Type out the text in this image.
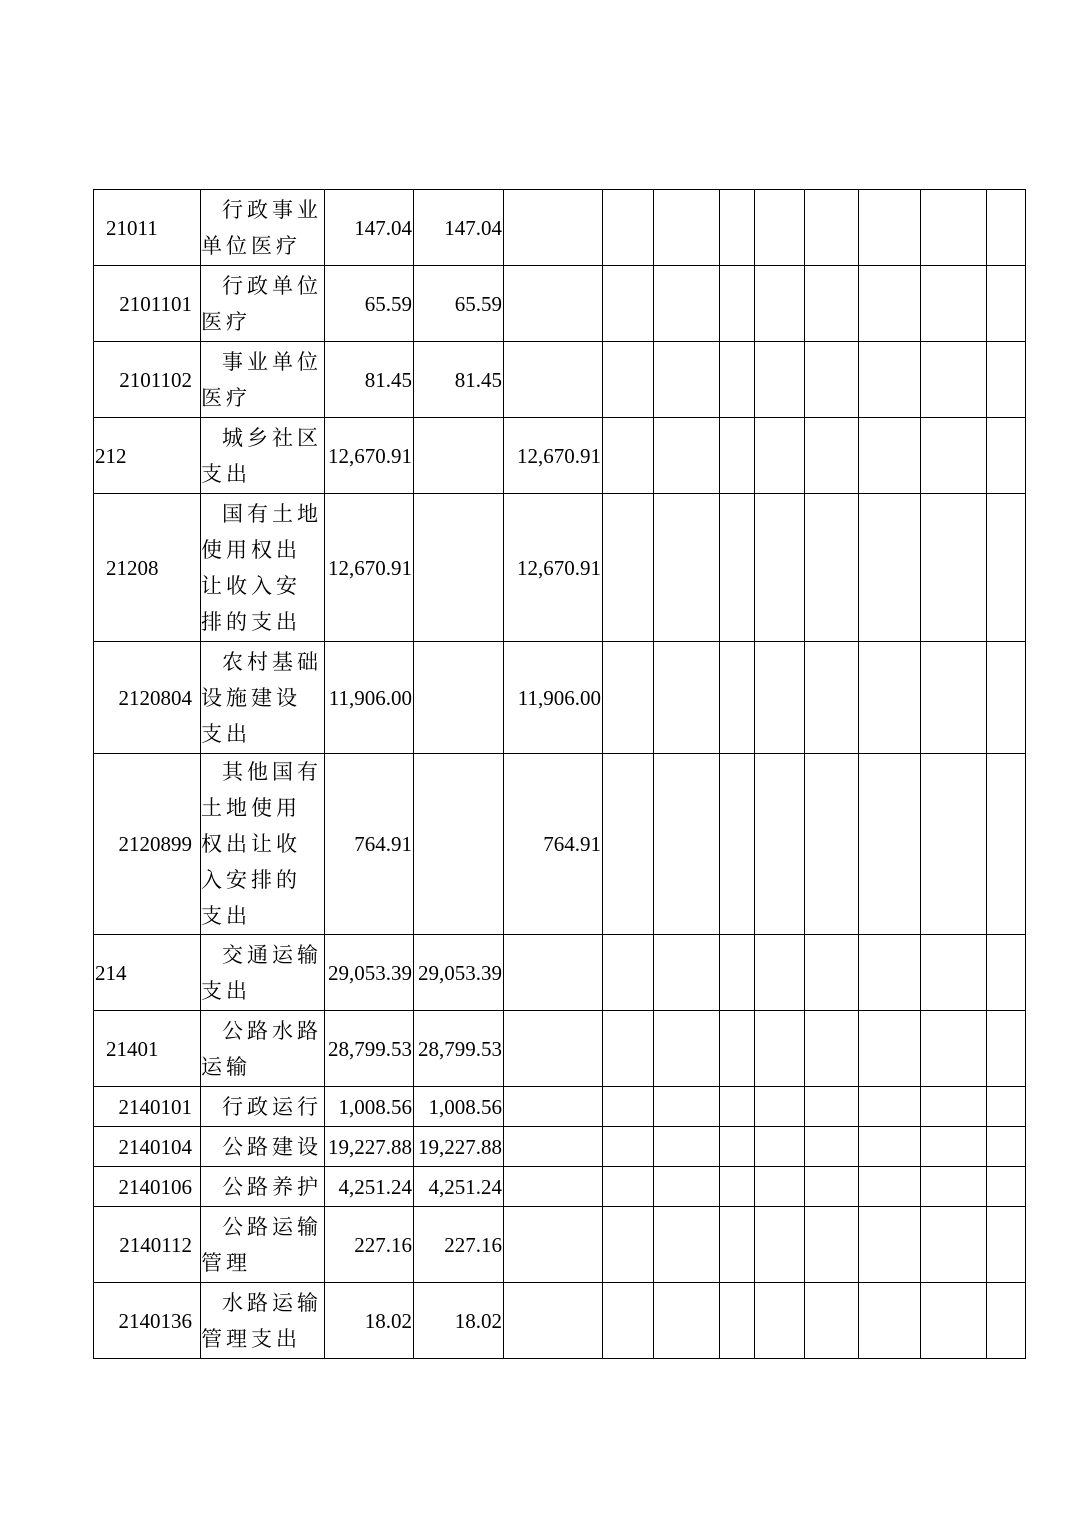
21011	行政事业单位医疗	147.04	147.04									
2101101	行政单位医疗	65.59	65.59									
2101102	事业单位医疗	81.45	81.45									
212	城乡社区支出	12,670.91		12,670.91								
21208	国有土地使用权出让收入安排的支出	12,670.91		12,670.91								
2120804	农村基础设施建设支出	11,906.00		11,906.00								
2120899	其他国有土地使用权出让收入安排的支出	764.91		764.91								
214	交通运输支出	29,053.39	29,053.39									
21401	公路水路运输	28,799.53	28,799.53									
2140101	行政运行	1,008.56	1,008.56									
2140104	公路建设	19,227.88	19,227.88									
2140106	公路养护	4,251.24	4,251.24									
2140112	公路运输管理	227.16	227.16									
2140136	水路运输管理支出	18.02	18.02									
